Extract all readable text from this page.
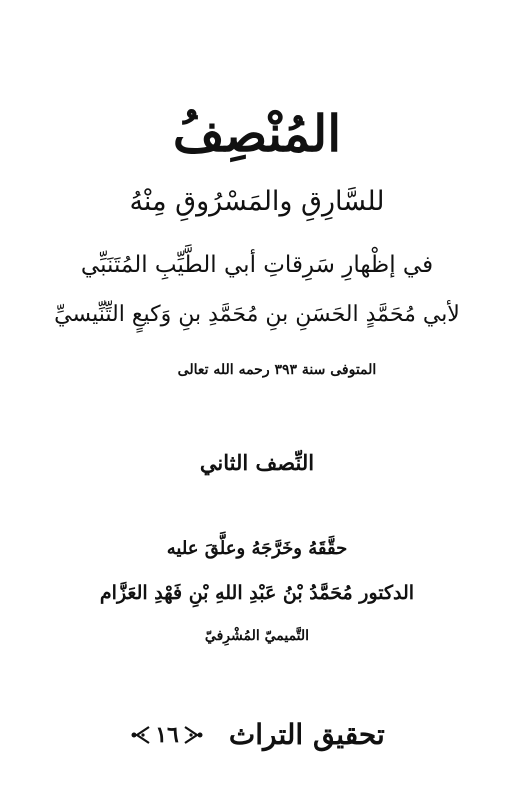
المُنْصِفُ
للسَّارِقِ والمَسْرُوقِ مِنْهُ
في إظْهارِ سَرِقاتِ أبي الطَّيِّبِ المُتَنَبِّي
لأبي مُحَمَّدٍ الحَسَنِ بنِ مُحَمَّدِ بنِ وَكيعٍ التِّنِّيسيِّ
المتوفى سنة ٣٩٣ رحمه الله تعالى
النِّصف الثاني
حقَّقَهُ وخَرَّجَهُ وعلَّقَ عليه
الدكتور مُحَمَّدُ بْنُ عَبْدِ اللهِ بْنِ فَهْدِ العَزَّام
التَّميميّ المُشْرِفيّ
تحقيق التراث
١٦
